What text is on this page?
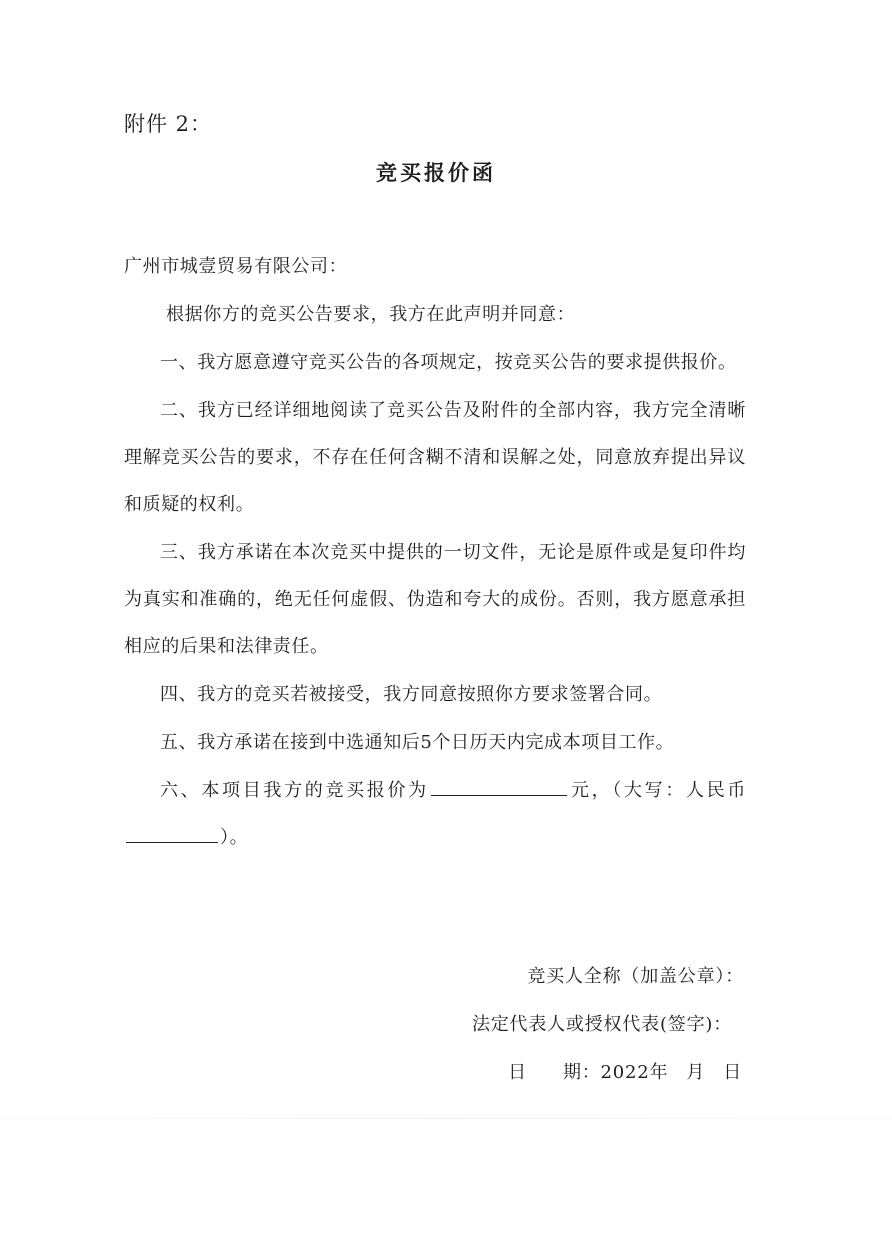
附件 2：
竞买报价函
广州市城壹贸易有限公司：
根据你方的竞买公告要求，我方在此声明并同意：
一、我方愿意遵守竞买公告的各项规定，按竞买公告的要求提供报价。
二、我方已经详细地阅读了竞买公告及附件的全部内容，我方完全清晰理解竞买公告的要求，不存在任何含糊不清和误解之处，同意放弃提出异议和质疑的权利。
三、我方承诺在本次竞买中提供的一切文件，无论是原件或是复印件均为真实和准确的，绝无任何虚假、伪造和夸大的成份。否则，我方愿意承担相应的后果和法律责任。
四、我方的竞买若被接受，我方同意按照你方要求签署合同。
五、我方承诺在接到中选通知后5个日历天内完成本项目工作。
六、本项目我方的竞买报价为	元，（大写：人民币）。
竞买人全称（加盖公章）：
法定代表人或授权代表(签字)：
日 期：2022年 月 日
